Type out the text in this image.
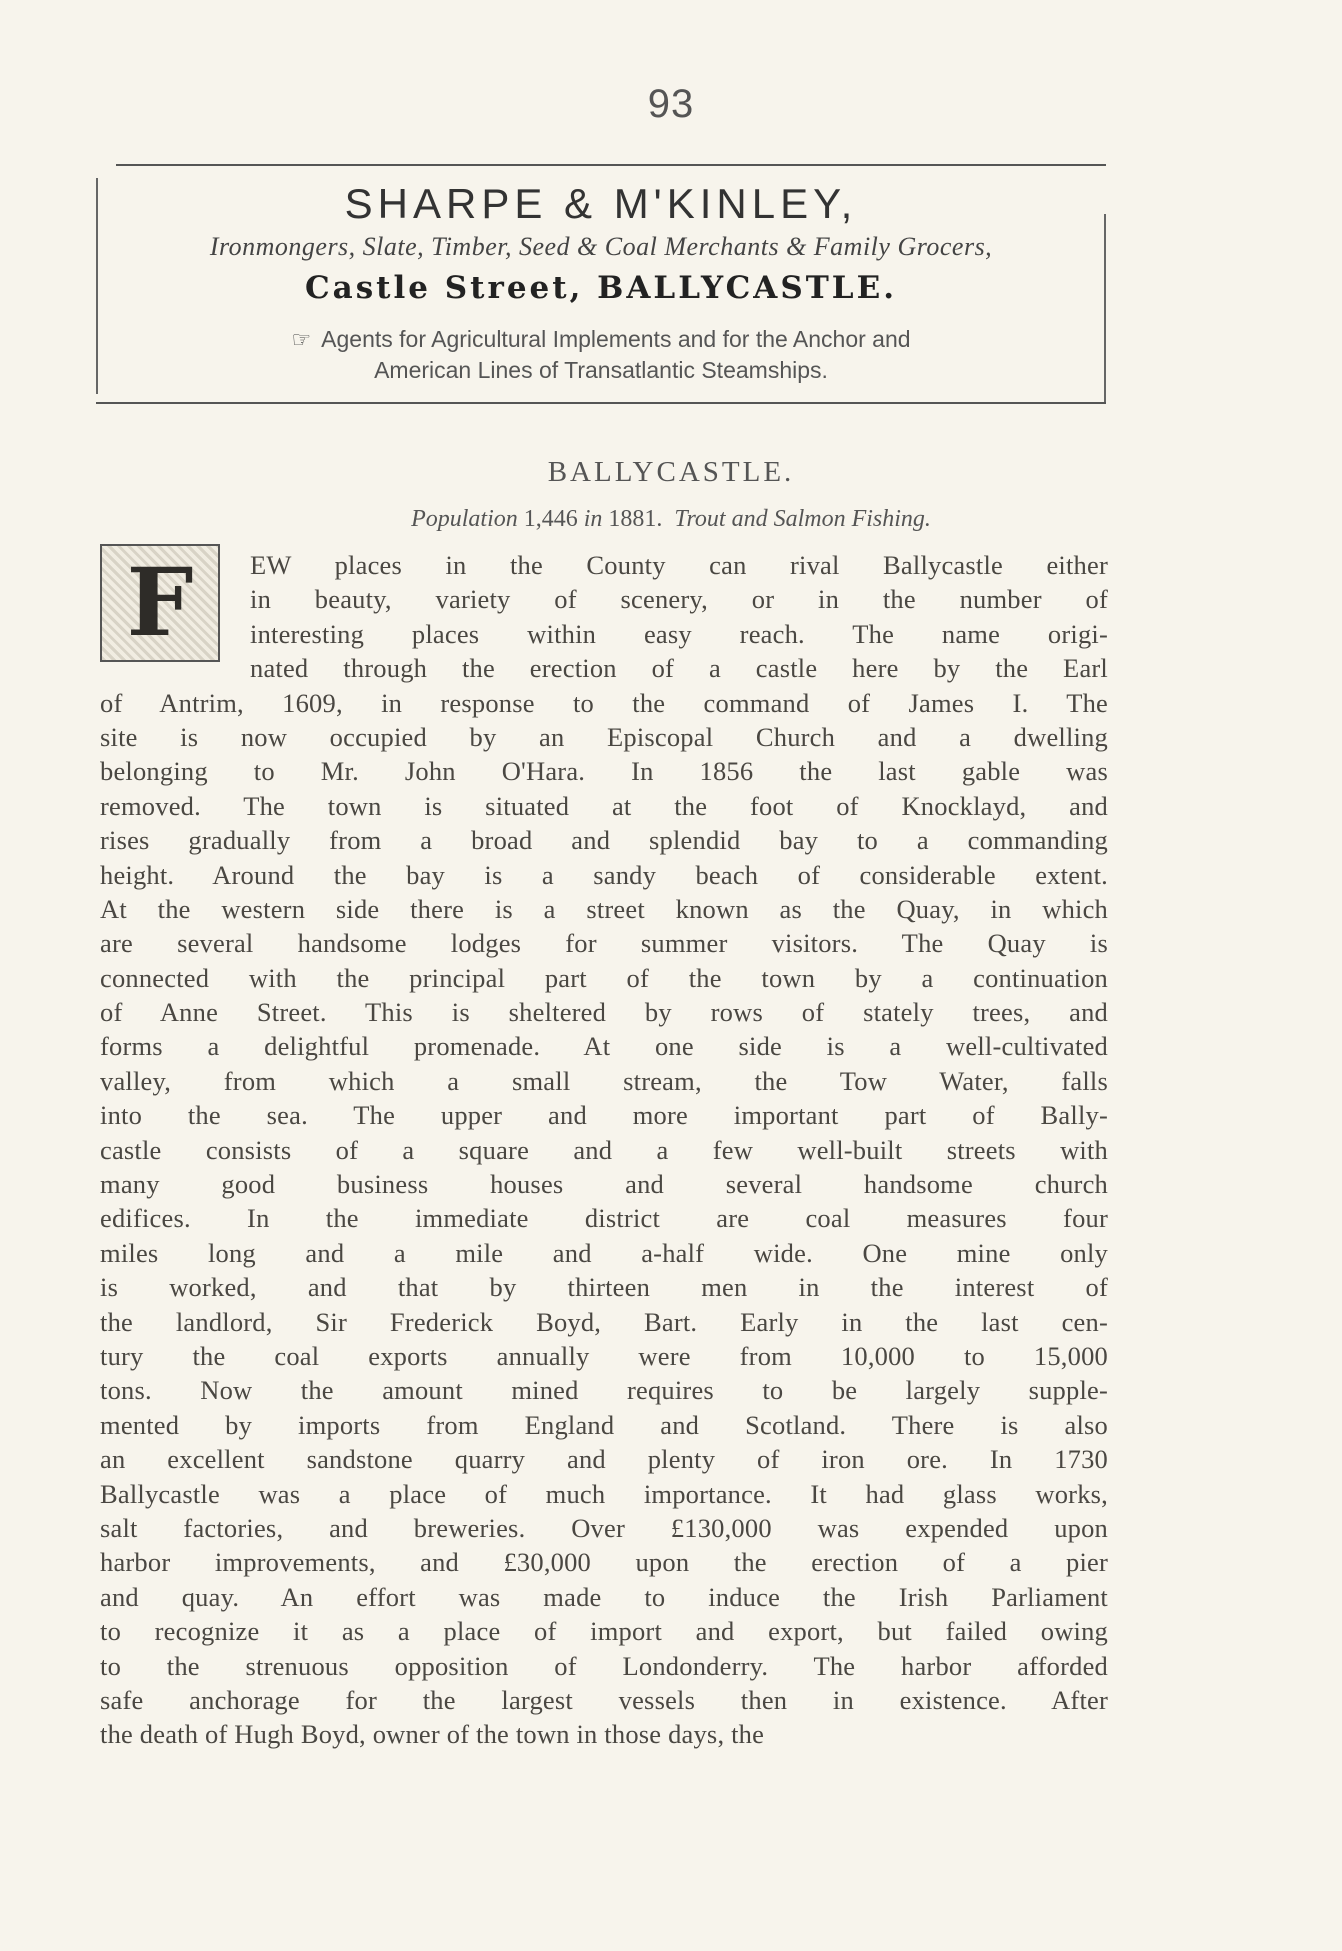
93
SHARPE & M'KINLEY,
Ironmongers, Slate, Timber, Seed & Coal Merchants & Family Grocers,
Castle Street, BALLYCASTLE.
☞ Agents for Agricultural Implements and for the Anchor and
American Lines of Transatlantic Steamships.
BALLYCASTLE.
Population 1,446 in 1881. Trout and Salmon Fishing.
F	EW places in the County can rival Ballycastle either
in beauty, variety of scenery, or in the number of
interesting places within easy reach. The name origi-
nated through the erection of a castle here by the Earl
of Antrim, 1609, in response to the command of James I. The
site is now occupied by an Episcopal Church and a dwelling
belonging to Mr. John O'Hara. In 1856 the last gable was
removed. The town is situated at the foot of Knocklayd, and
rises gradually from a broad and splendid bay to a commanding
height. Around the bay is a sandy beach of considerable extent.
At the western side there is a street known as the Quay, in which
are several handsome lodges for summer visitors. The Quay is
connected with the principal part of the town by a continuation
of Anne Street. This is sheltered by rows of stately trees, and
forms a delightful promenade. At one side is a well-cultivated
valley, from which a small stream, the Tow Water, falls
into the sea. The upper and more important part of Bally-
castle consists of a square and a few well-built streets with
many good business houses and several handsome church
edifices. In the immediate district are coal measures four
miles long and a mile and a-half wide. One mine only
is worked, and that by thirteen men in the interest of
the landlord, Sir Frederick Boyd, Bart. Early in the last cen-
tury the coal exports annually were from 10,000 to 15,000
tons. Now the amount mined requires to be largely supple-
mented by imports from England and Scotland. There is also
an excellent sandstone quarry and plenty of iron ore. In 1730
Ballycastle was a place of much importance. It had glass works,
salt factories, and breweries. Over £130,000 was expended upon
harbor improvements, and £30,000 upon the erection of a pier
and quay. An effort was made to induce the Irish Parliament
to recognize it as a place of import and export, but failed owing
to the strenuous opposition of Londonderry. The harbor afforded
safe anchorage for the largest vessels then in existence. After
the death of Hugh Boyd, owner of the town in those days, the
